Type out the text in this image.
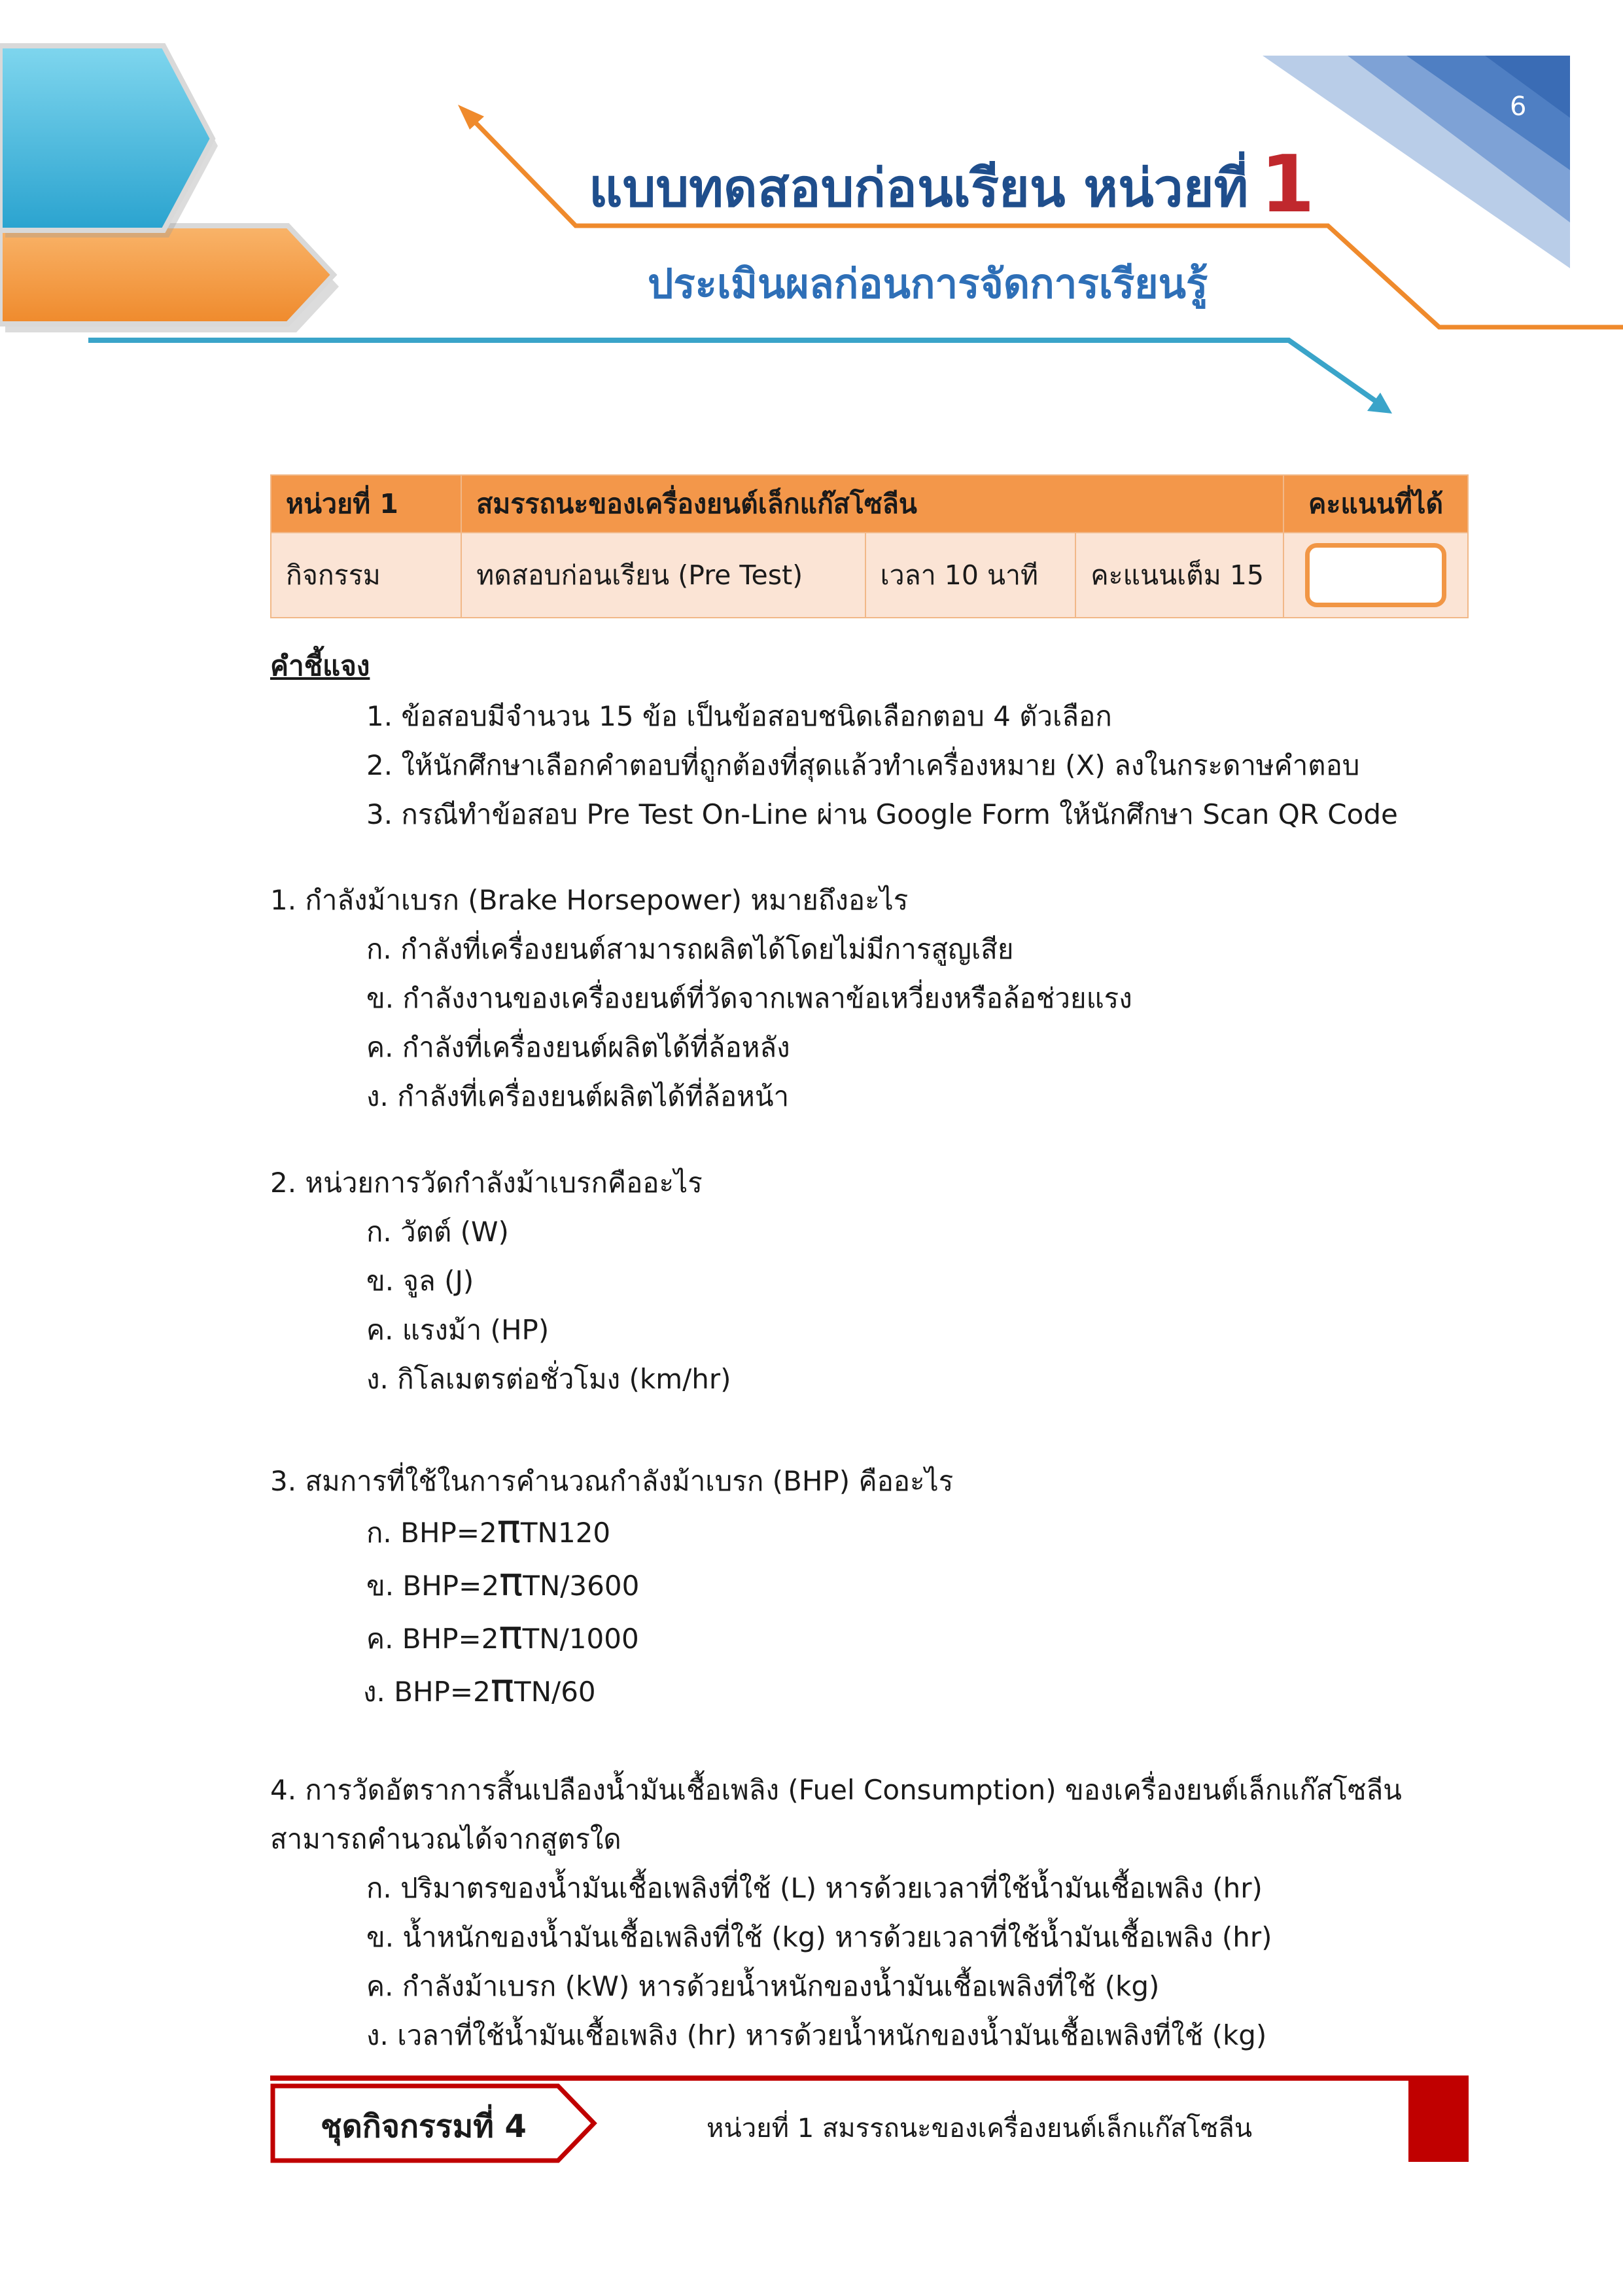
6
แบบทดสอบก่อนเรียน หน่วยที่ 1
ประเมินผลก่อนการจัดการเรียนรู้
หน่วยที่ 1	สมรรถนะของเครื่องยนต์เล็กแก๊สโซลีน			คะแนนที่ได้
กิจกรรม	ทดสอบก่อนเรียน (Pre Test)	เวลา 10 นาที	คะแนนเต็ม 15	
คำชี้แจง
1. ข้อสอบมีจำนวน 15 ข้อ เป็นข้อสอบชนิดเลือกตอบ 4 ตัวเลือก
2. ให้นักศึกษาเลือกคำตอบที่ถูกต้องที่สุดแล้วทำเครื่องหมาย (X) ลงในกระดาษคำตอบ
3. กรณีทำข้อสอบ Pre Test On-Line ผ่าน Google Form ให้นักศึกษา Scan QR Code
1. กำลังม้าเบรก (Brake Horsepower) หมายถึงอะไร
ก. กำลังที่เครื่องยนต์สามารถผลิตได้โดยไม่มีการสูญเสีย
ข. กำลังงานของเครื่องยนต์ที่วัดจากเพลาข้อเหวี่ยงหรือล้อช่วยแรง
ค. กำลังที่เครื่องยนต์ผลิตได้ที่ล้อหลัง
ง. กำลังที่เครื่องยนต์ผลิตได้ที่ล้อหน้า
2. หน่วยการวัดกำลังม้าเบรกคืออะไร
ก. วัตต์ (W)
ข. จูล (J)
ค. แรงม้า (HP)
ง. กิโลเมตรต่อชั่วโมง (km/hr)
3. สมการที่ใช้ในการคำนวณกำลังม้าเบรก (BHP) คืออะไร
ก. BHP=2πTN120
ข. BHP=2πTN/3600
ค. BHP=2πTN/1000
ง. BHP=2πTN/60
4. การวัดอัตราการสิ้นเปลืองน้ำมันเชื้อเพลิง (Fuel Consumption) ของเครื่องยนต์เล็กแก๊สโซลีน
สามารถคำนวณได้จากสูตรใด
ก. ปริมาตรของน้ำมันเชื้อเพลิงที่ใช้ (L) หารด้วยเวลาที่ใช้น้ำมันเชื้อเพลิง (hr)
ข. น้ำหนักของน้ำมันเชื้อเพลิงที่ใช้ (kg) หารด้วยเวลาที่ใช้น้ำมันเชื้อเพลิง (hr)
ค. กำลังม้าเบรก (kW) หารด้วยน้ำหนักของน้ำมันเชื้อเพลิงที่ใช้ (kg)
ง. เวลาที่ใช้น้ำมันเชื้อเพลิง (hr) หารด้วยน้ำหนักของน้ำมันเชื้อเพลิงที่ใช้ (kg)
ชุดกิจกรรมที่ 4	หน่วยที่ 1 สมรรถนะของเครื่องยนต์เล็กแก๊สโซลีน
